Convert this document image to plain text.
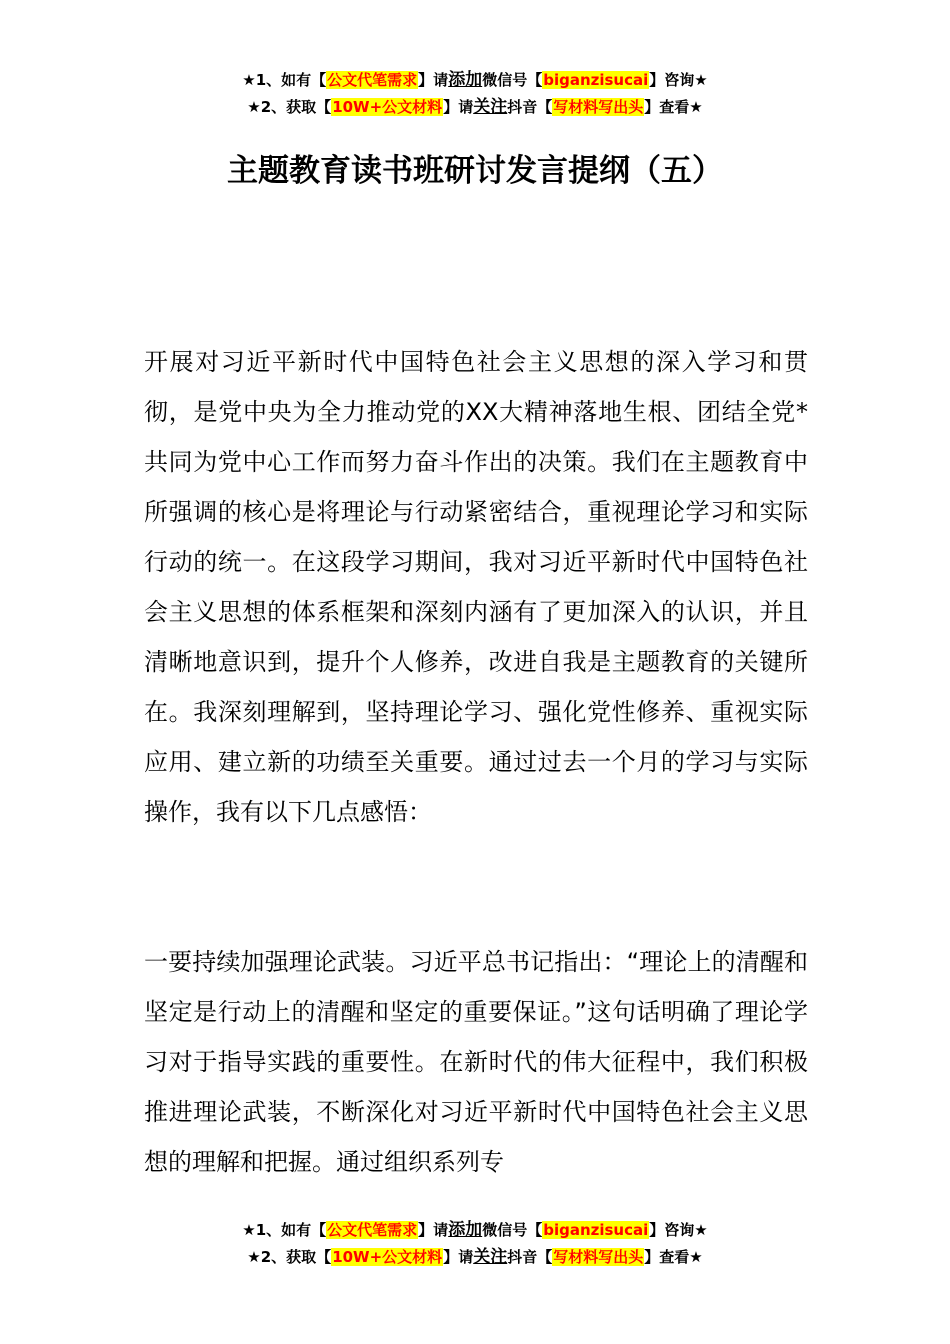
★1、如有【公文代笔需求】请添加微信号【biganzisucai】咨询★
★2、获取【10W+公文材料】请关注抖音【写材料写出头】查看★
主题教育读书班研讨发言提纲（五）

开展对习近平新时代中国特色社会主义思想的深入学习和贯彻，是党中央为全力推动党的XX大精神落地生根、团结全党*共同为党中心工作而努力奋斗作出的决策。我们在主题教育中所强调的核心是将理论与行动紧密结合，重视理论学习和实际行动的统一。在这段学习期间，我对习近平新时代中国特色社会主义思想的体系框架和深刻内涵有了更加深入的认识，并且清晰地意识到，提升个人修养，改进自我是主题教育的关键所在。我深刻理解到，坚持理论学习、强化党性修养、重视实际应用、建立新的功绩至关重要。通过过去一个月的学习与实际操作，我有以下几点感悟：

一要持续加强理论武装。习近平总书记指出：“理论上的清醒和坚定是行动上的清醒和坚定的重要保证。”这句话明确了理论学习对于指导实践的重要性。在新时代的伟大征程中，我们积极推进理论武装，不断深化对习近平新时代中国特色社会主义思想的理解和把握。通过组织系列专

★1、如有【公文代笔需求】请添加微信号【biganzisucai】咨询★
★2、获取【10W+公文材料】请关注抖音【写材料写出头】查看★
